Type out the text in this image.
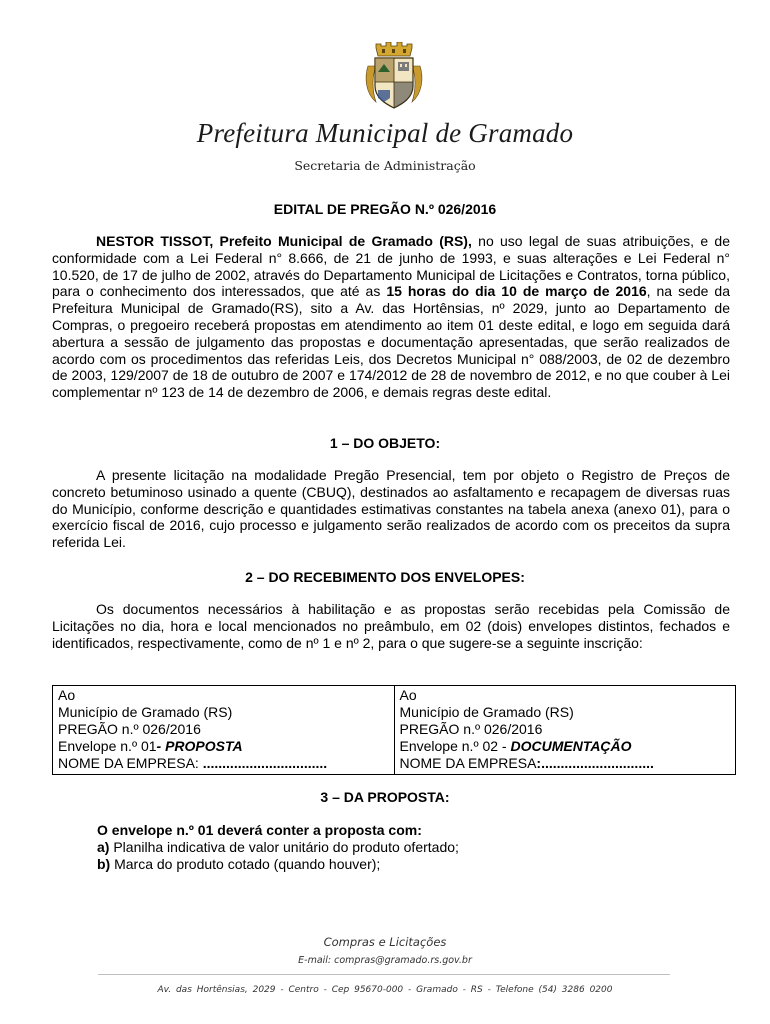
Prefeitura Municipal de Gramado
Secretaria de Administração
EDITAL DE PREGÃO N.º 026/2016

NESTOR TISSOT, Prefeito Municipal de Gramado (RS), no uso legal de suas atribuições, e de conformidade com a Lei Federal n° 8.666, de 21 de junho de 1993, e suas alterações e Lei Federal n° 10.520, de 17 de julho de 2002, através do Departamento Municipal de Licitações e Contratos, torna público, para o conhecimento dos interessados, que até as 15 horas do dia 10 de março de 2016, na sede da Prefeitura Municipal de Gramado(RS), sito a Av. das Hortênsias, nº 2029, junto ao Departamento de Compras, o pregoeiro receberá propostas em atendimento ao item 01 deste edital, e logo em seguida dará abertura a sessão de julgamento das propostas e documentação apresentadas, que serão realizados de acordo com os procedimentos das referidas Leis, dos Decretos Municipal n° 088/2003, de 02 de dezembro de 2003, 129/2007 de 18 de outubro de 2007 e 174/2012 de 28 de novembro de 2012, e no que couber à Lei complementar nº 123 de 14 de dezembro de 2006, e demais regras deste edital.

1 – DO OBJETO:

A presente licitação na modalidade Pregão Presencial, tem por objeto o Registro de Preços de concreto betuminoso usinado a quente (CBUQ), destinados ao asfaltamento e recapagem de diversas ruas do Município, conforme descrição e quantidades estimativas constantes na tabela anexa (anexo 01), para o exercício fiscal de 2016, cujo processo e julgamento serão realizados de acordo com os preceitos da supra referida Lei.

2 – DO RECEBIMENTO DOS ENVELOPES:

Os documentos necessários à habilitação e as propostas serão recebidas pela Comissão de Licitações no dia, hora e local mencionados no preâmbulo, em 02 (dois) envelopes distintos, fechados e identificados, respectivamente, como de nº 1 e nº 2, para o que sugere-se a seguinte inscrição:

Ao
Município de Gramado (RS)
PREGÃO n.º 026/2016
Envelope n.º 01- PROPOSTA
NOME DA EMPRESA: ................................

Ao
Município de Gramado (RS)
PREGÃO n.º 026/2016
Envelope n.º 02 - DOCUMENTAÇÃO
NOME DA EMPRESA:.............................
3 – DA PROPOSTA:
O envelope n.º 01 deverá conter a proposta com:
a) Planilha indicativa de valor unitário do produto ofertado;
b) Marca do produto cotado (quando houver);
Compras e Licitações
E-mail: compras@gramado.rs.gov.br
Av. das Hortênsias, 2029 - Centro - Cep 95670-000 - Gramado - RS - Telefone (54) 3286 0200
